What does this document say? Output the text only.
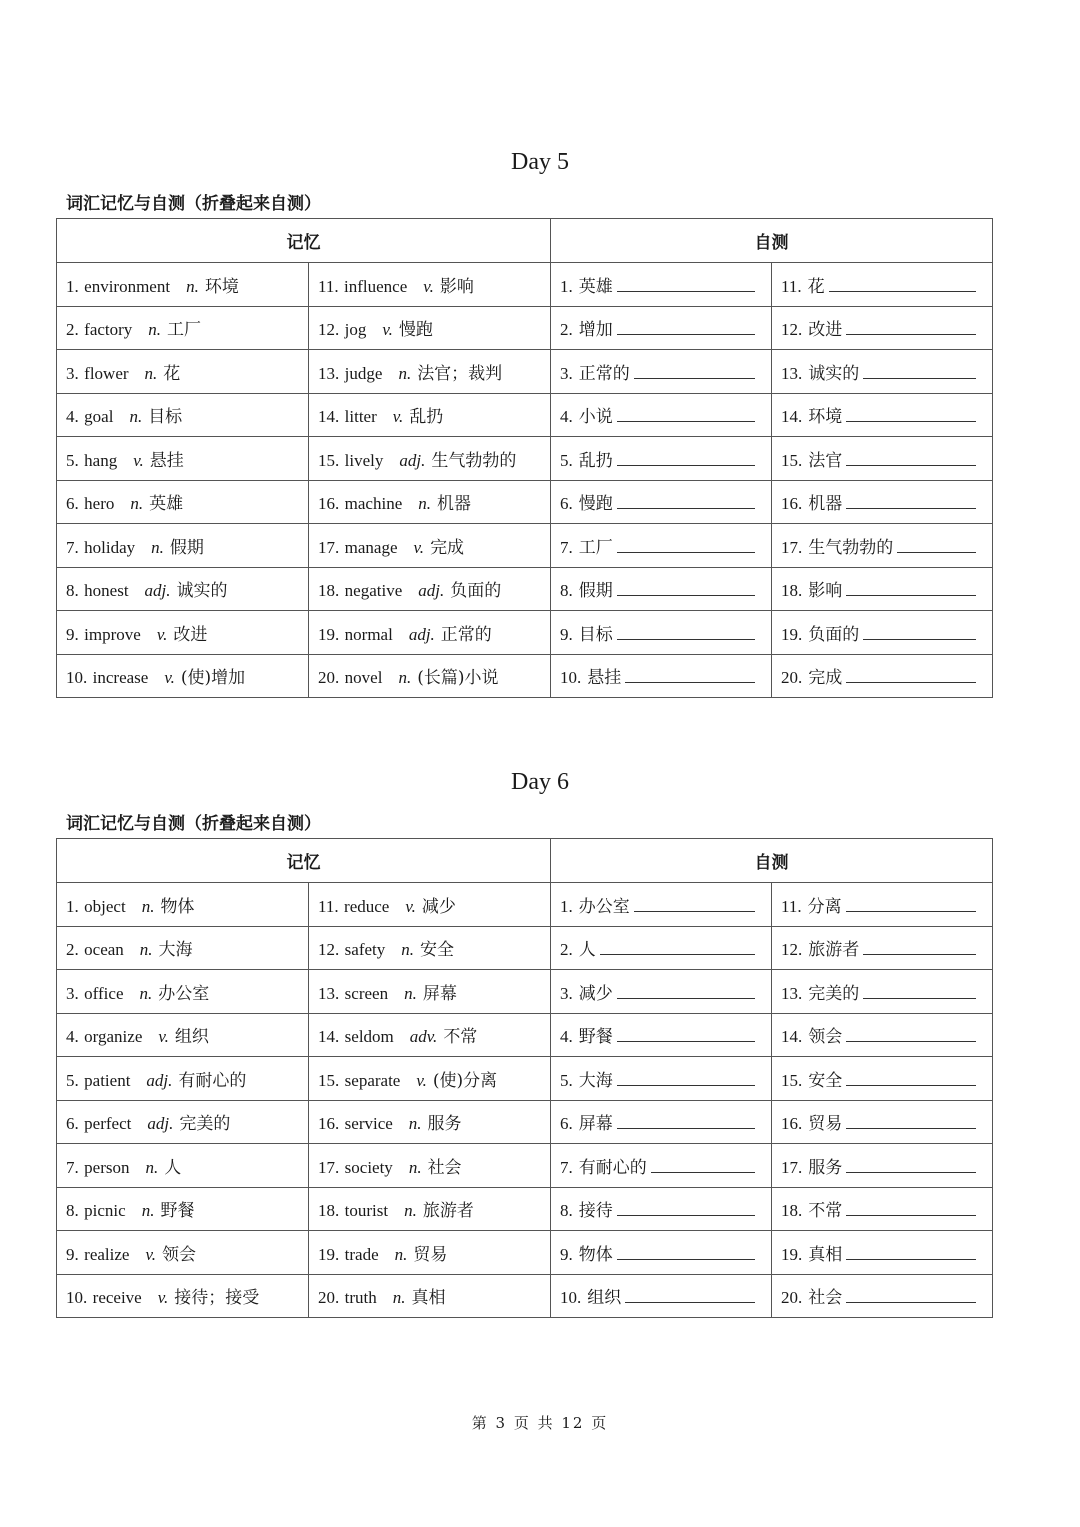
Day 5
词汇记忆与自测（折叠起来自测）
记忆		自测	
1. environment n. 环境	11. influence v. 影响	1. 英雄	11. 花
2. factory n. 工厂	12. jog v. 慢跑	2. 增加	12. 改进
3. flower n. 花	13. judge n. 法官；裁判	3. 正常的	13. 诚实的
4. goal n. 目标	14. litter v. 乱扔	4. 小说	14. 环境
5. hang v. 悬挂	15. lively adj. 生气勃勃的	5. 乱扔	15. 法官
6. hero n. 英雄	16. machine n. 机器	6. 慢跑	16. 机器
7. holiday n. 假期	17. manage v. 完成	7. 工厂	17. 生气勃勃的
8. honest adj. 诚实的	18. negative adj. 负面的	8. 假期	18. 影响
9. improve v. 改进	19. normal adj. 正常的	9. 目标	19. 负面的
10. increase v. (使)增加	20. novel n. (长篇)小说	10. 悬挂	20. 完成
Day 6
词汇记忆与自测（折叠起来自测）
记忆		自测	
1. object n. 物体	11. reduce v. 减少	1. 办公室	11. 分离
2. ocean n. 大海	12. safety n. 安全	2. 人	12. 旅游者
3. office n. 办公室	13. screen n. 屏幕	3. 减少	13. 完美的
4. organize v. 组织	14. seldom adv. 不常	4. 野餐	14. 领会
5. patient adj. 有耐心的	15. separate v. (使)分离	5. 大海	15. 安全
6. perfect adj. 完美的	16. service n. 服务	6. 屏幕	16. 贸易
7. person n. 人	17. society n. 社会	7. 有耐心的	17. 服务
8. picnic n. 野餐	18. tourist n. 旅游者	8. 接待	18. 不常
9. realize v. 领会	19. trade n. 贸易	9. 物体	19. 真相
10. receive v. 接待；接受	20. truth n. 真相	10. 组织	20. 社会
第 3 页 共 12 页
